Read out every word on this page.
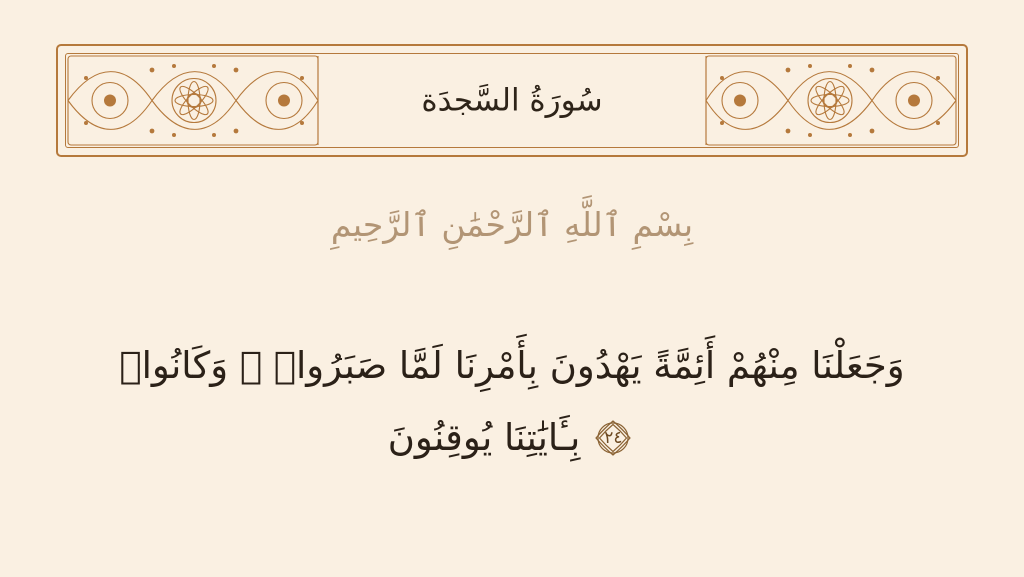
سُورَةُ السَّجدَة
بِسْمِ ٱللَّهِ ٱلرَّحْمَٰنِ ٱلرَّحِيمِ
وَجَعَلْنَا مِنْهُمْ أَئِمَّةً يَهْدُونَ بِأَمْرِنَا لَمَّا صَبَرُوا۟ ۖ وَكَانُوا۟
٢٤
بِـَٔايَٰتِنَا يُوقِنُونَ
